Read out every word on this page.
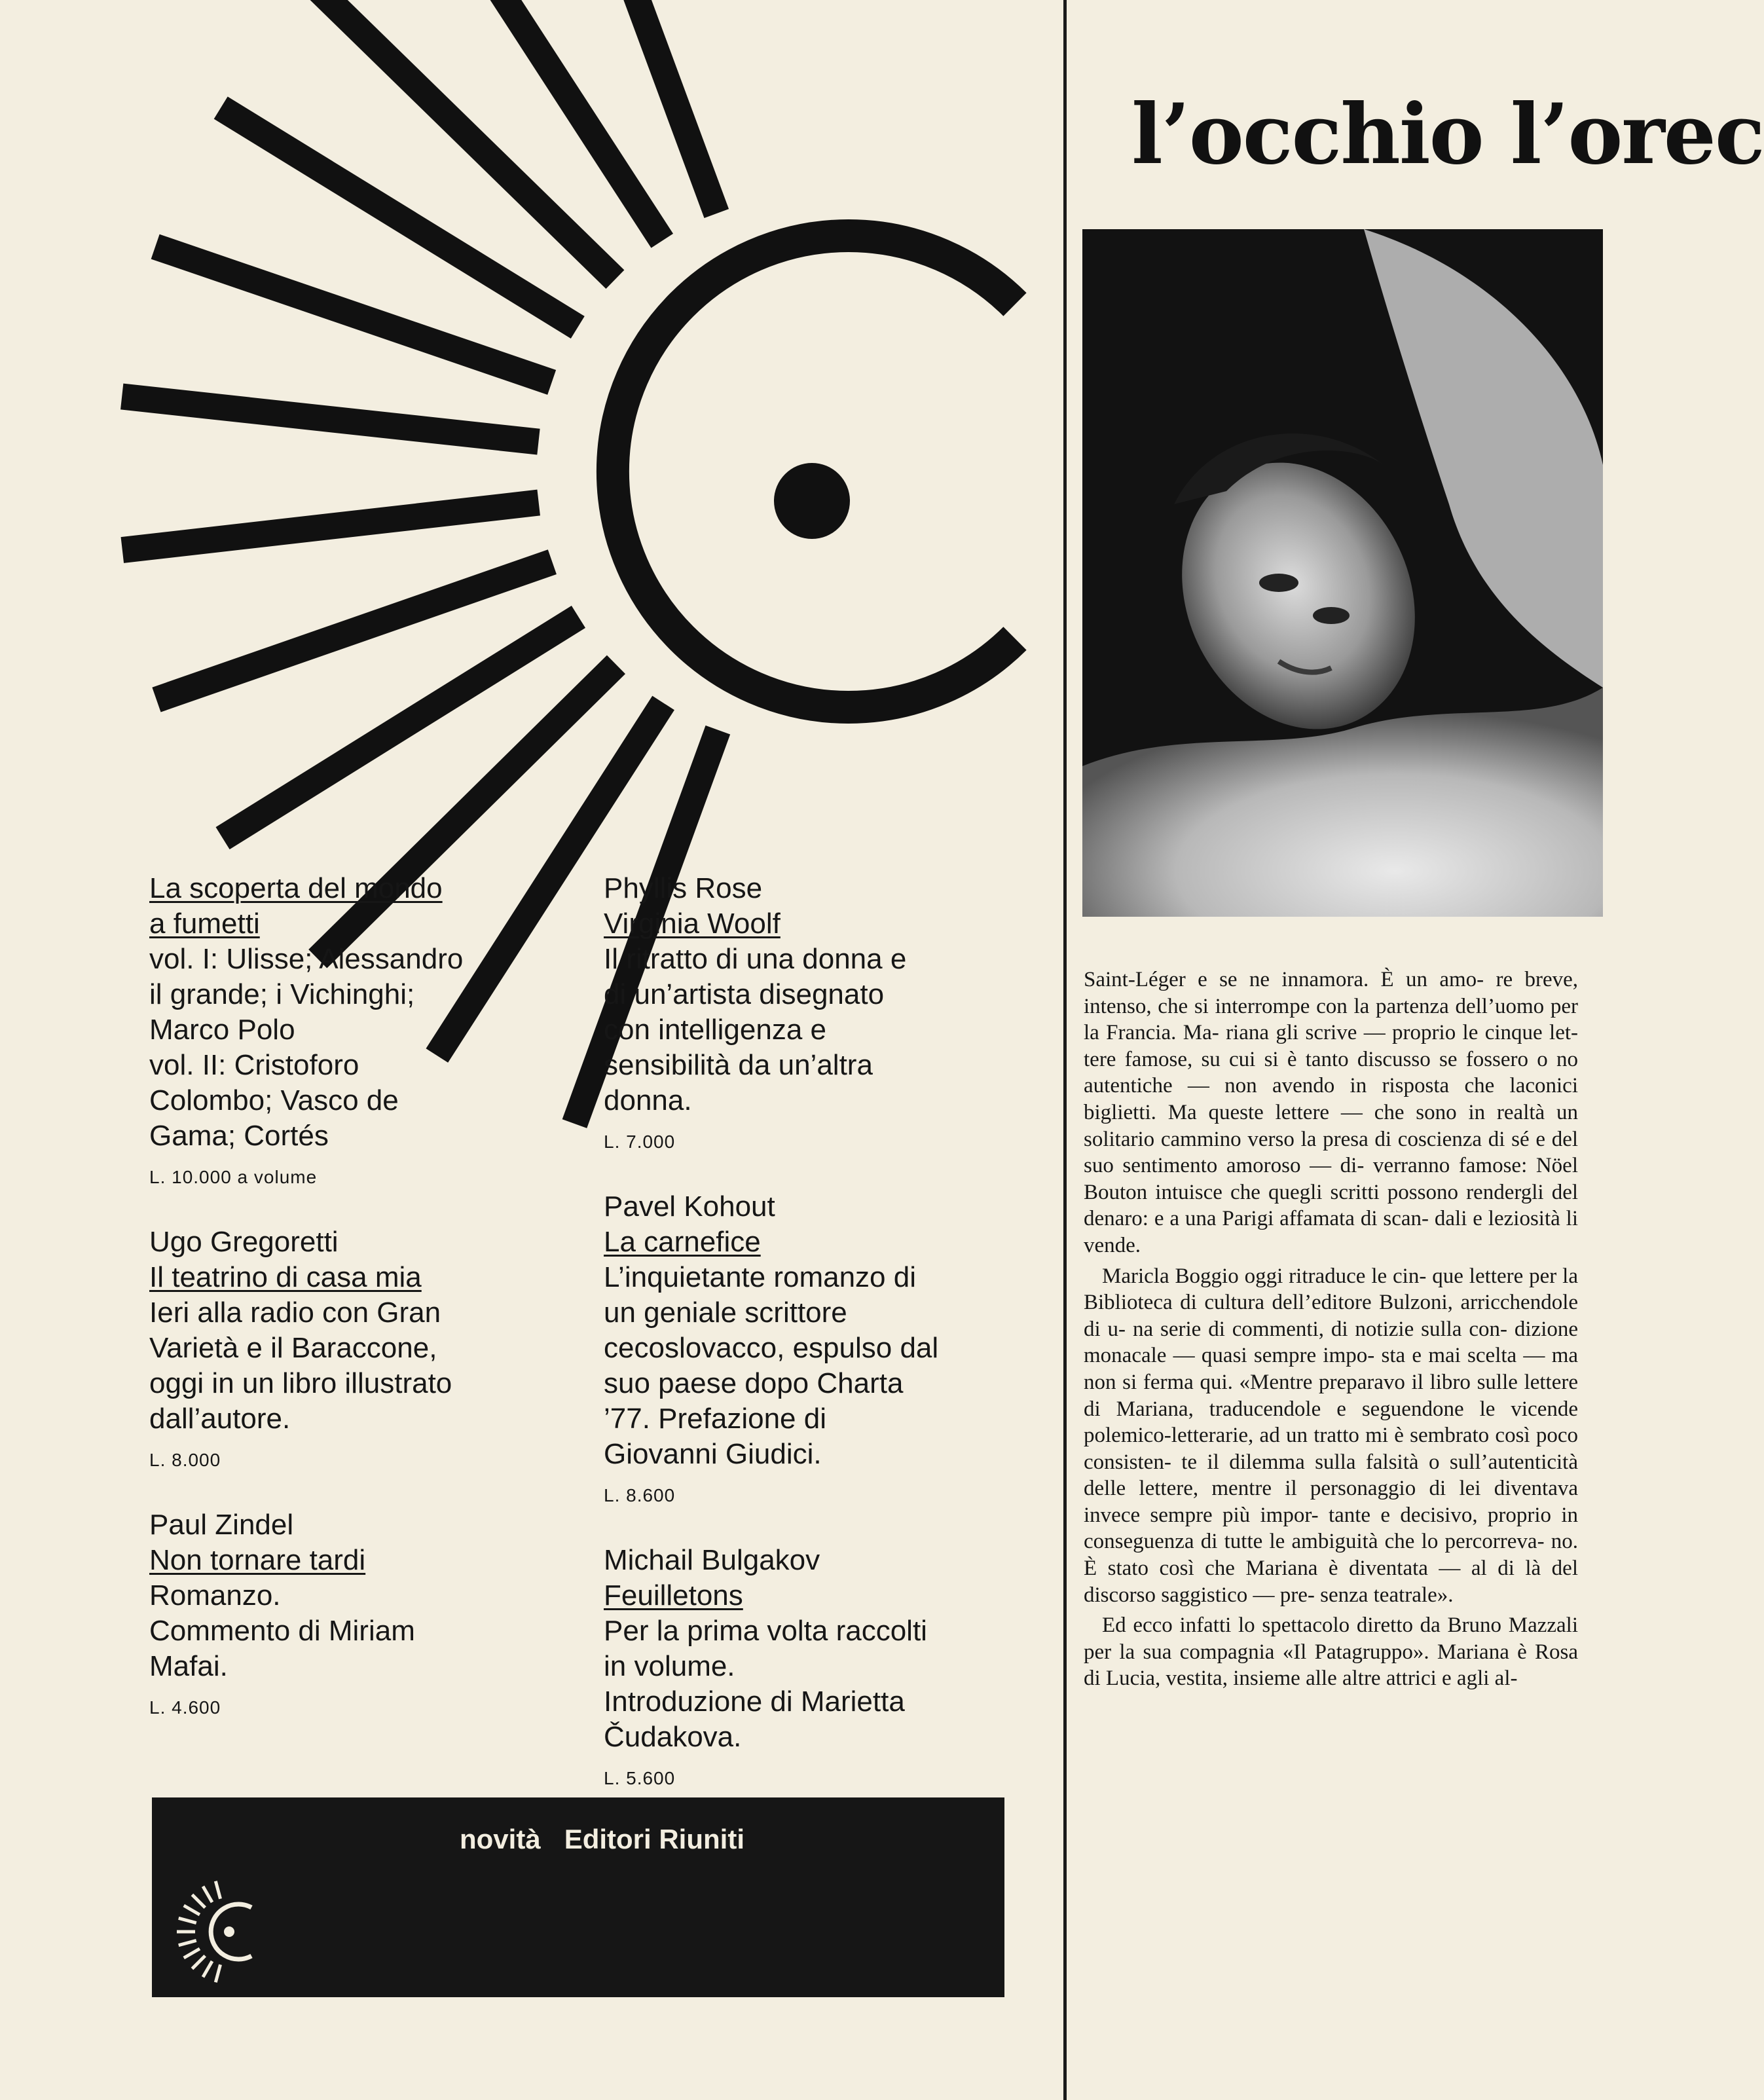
La scoperta del mondo
a fumetti
vol. I: Ulisse; Alessandro
il grande; i Vichinghi;
Marco Polo
vol. II: Cristoforo
Colombo; Vasco de
Gama; Cortés
L. 10.000 a volume
Ugo Gregoretti
Il teatrino di casa mia
Ieri alla radio con Gran
Varietà e il Baraccone,
oggi in un libro illustrato
dall’autore.
L. 8.000
Paul Zindel
Non tornare tardi
Romanzo.
Commento di Miriam
Mafai.
L. 4.600
Phyllis Rose
Virginia Woolf
Il ritratto di una donna e
di un’artista disegnato
con intelligenza e
sensibilità da un’altra
donna.
L. 7.000
Pavel Kohout
La carnefice
L’inquietante romanzo di
un geniale scrittore
cecoslovacco, espulso dal
suo paese dopo Charta
’77. Prefazione di
Giovanni Giudici.
L. 8.600
Michail Bulgakov
Feuilletons
Per la prima volta raccolti
in volume.
Introduzione di Marietta
Čudakova.
L. 5.600
novità Editori Riuniti
l’occhio l’orec

Saint-Léger e se ne innamora. È un amo- re breve, intenso, che si interrompe con la partenza dell’uomo per la Francia. Ma- riana gli scrive — proprio le cinque let- tere famose, su cui si è tanto discusso se fossero o no autentiche — non avendo in risposta che laconici biglietti. Ma queste lettere — che sono in realtà un solitario cammino verso la presa di coscienza di sé e del suo sentimento amoroso — di- verranno famose: Nöel Bouton intuisce che quegli scritti possono rendergli del denaro: e a una Parigi affamata di scan- dali e leziosità li vende.

Maricla Boggio oggi ritraduce le cin- que lettere per la Biblioteca di cultura dell’editore Bulzoni, arricchendole di u- na serie di commenti, di notizie sulla con- dizione monacale — quasi sempre impo- sta e mai scelta — ma non si ferma qui. «Mentre preparavo il libro sulle lettere di Mariana, traducendole e seguendone le vicende polemico-letterarie, ad un tratto mi è sembrato così poco consisten- te il dilemma sulla falsità o sull’autenticità delle lettere, mentre il personaggio di lei diventava invece sempre più impor- tante e decisivo, proprio in conseguenza di tutte le ambiguità che lo percorreva- no. È stato così che Mariana è diventata — al di là del discorso saggistico — pre- senza teatrale».

Ed ecco infatti lo spettacolo diretto da Bruno Mazzali per la sua compagnia «Il Patagruppo». Mariana è Rosa di Lucia, vestita, insieme alle altre attrici e agli al-
